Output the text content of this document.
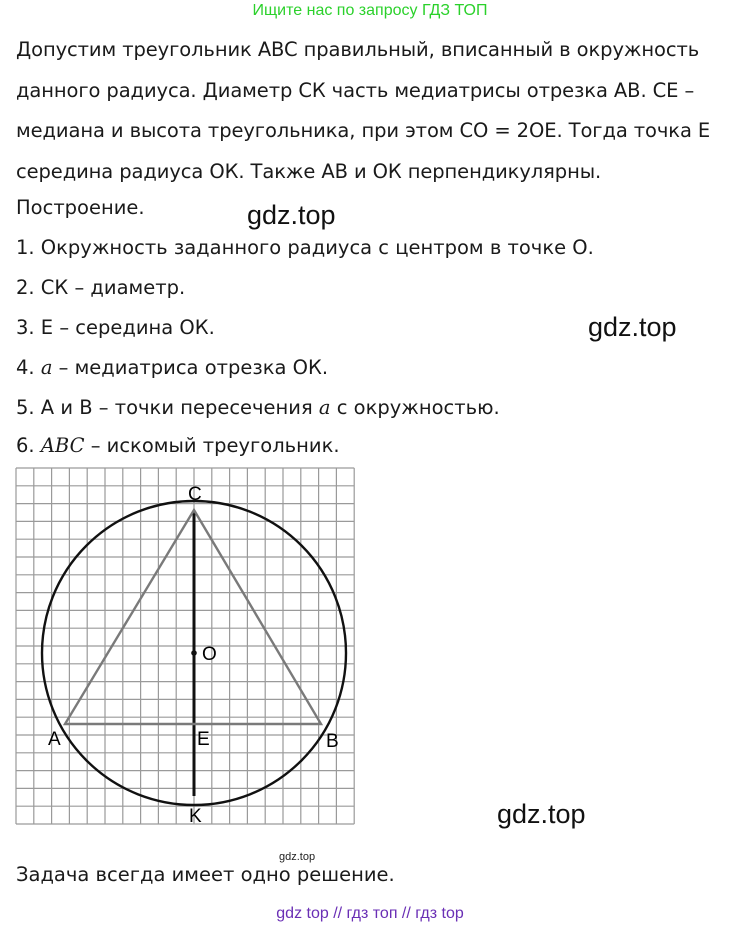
Ищите нас по запросу ГДЗ ТОП
Допустим треугольник ABC правильный, вписанный в окружность данного радиуса. Диаметр СК часть медиатрисы отрезка АВ. СЕ – медиана и высота треугольника, при этом СО = 2ОЕ. Тогда точка Е середина радиуса ОК. Также АВ и ОК перпендикулярны.
Построение.
1. Окружность заданного радиуса с центром в точке О.
2. СК – диаметр.
3. Е – середина ОК.
4. a – медиатриса отрезка ОК.
5. А и В – точки пересечения a с окружностью.
6. ABC – искомый треугольник.
gdz.top
gdz.top
gdz.top
C
O
A	E	B
K
gdz.top
Задача всегда имеет одно решение.
gdz top // гдз топ // гдз top
